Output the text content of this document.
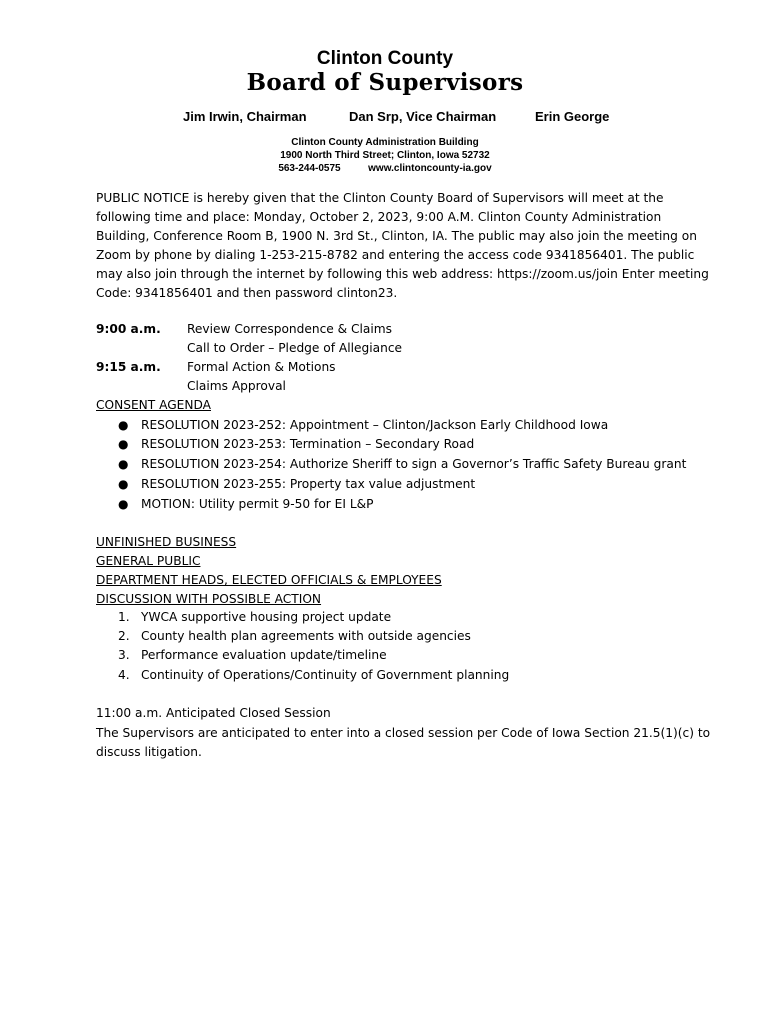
Clinton County
Board of Supervisors
Jim Irwin, Chairman	Dan Srp, Vice Chairman	Erin George
Clinton County Administration Building
1900 North Third Street; Clinton, Iowa 52732
563-244-0575	www.clintoncounty-ia.gov
PUBLIC NOTICE is hereby given that the Clinton County Board of Supervisors will meet at the following time and place: Monday, October 2, 2023, 9:00 A.M. Clinton County Administration Building, Conference Room B, 1900 N. 3rd St., Clinton, IA. The public may also join the meeting on Zoom by phone by dialing 1-253-215-8782 and entering the access code 9341856401. The public may also join through the internet by following this web address: https://zoom.us/join Enter meeting Code: 9341856401 and then password clinton23.
9:00 a.m. Review Correspondence & Claims
Call to Order – Pledge of Allegiance
9:15 a.m. Formal Action & Motions
Claims Approval
CONSENT AGENDA
● RESOLUTION 2023-252: Appointment – Clinton/Jackson Early Childhood Iowa
● RESOLUTION 2023-253: Termination – Secondary Road
● RESOLUTION 2023-254: Authorize Sheriff to sign a Governor’s Traffic Safety Bureau grant
● RESOLUTION 2023-255: Property tax value adjustment
● MOTION: Utility permit 9-50 for EI L&P
UNFINISHED BUSINESS
GENERAL PUBLIC
DEPARTMENT HEADS, ELECTED OFFICIALS & EMPLOYEES
DISCUSSION WITH POSSIBLE ACTION
1. YWCA supportive housing project update
2. County health plan agreements with outside agencies
3. Performance evaluation update/timeline
4. Continuity of Operations/Continuity of Government planning
11:00 a.m. Anticipated Closed Session
The Supervisors are anticipated to enter into a closed session per Code of Iowa Section 21.5(1)(c) to discuss litigation.
